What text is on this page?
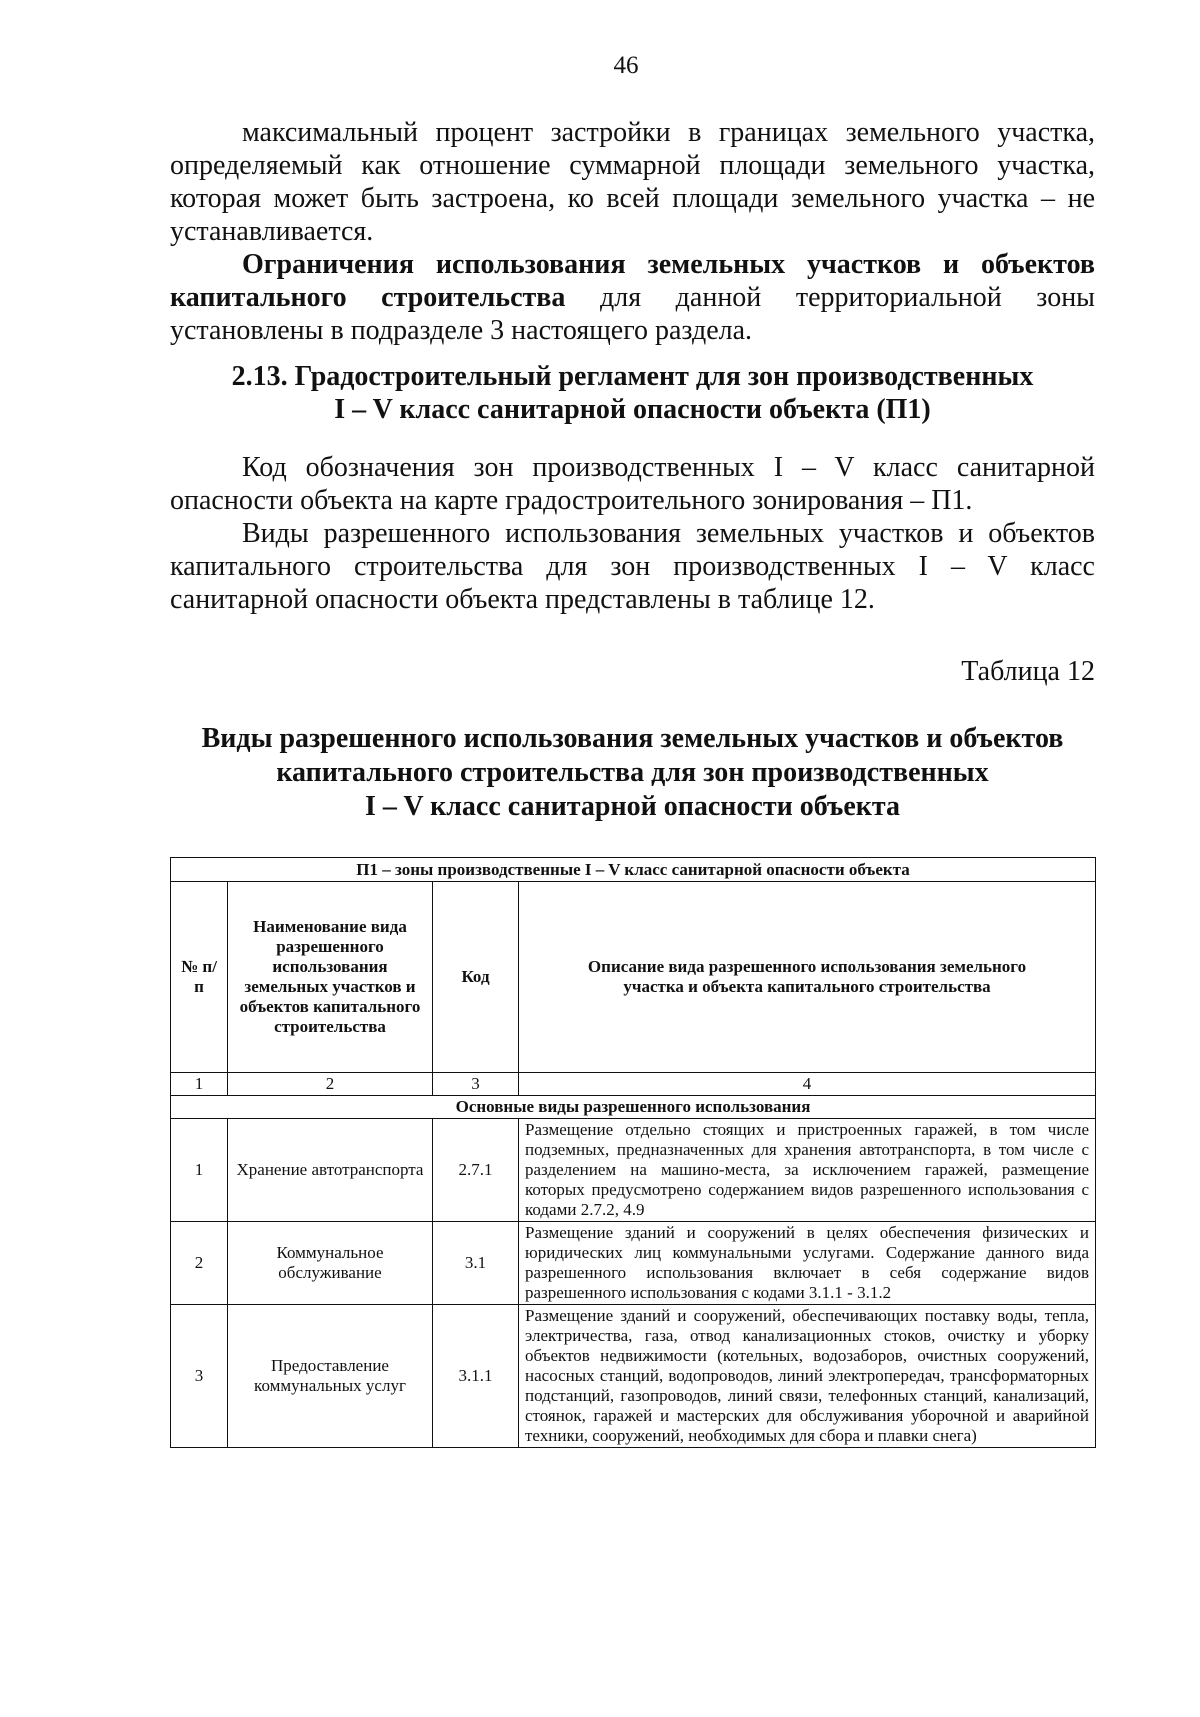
46

максимальный процент застройки в границах земельного участка, определяемый как отношение суммарной площади земельного участка, которая может быть застроена, ко всей площади земельного участка – не устанавливается.

Ограничения использования земельных участков и объектов капитального строительства для данной территориальной зоны установлены в подразделе 3 настоящего раздела.

2.13. Градостроительный регламент для зон производственных
I – V класс санитарной опасности объекта (П1)

Код обозначения зон производственных I – V класс санитарной опасности объекта на карте градостроительного зонирования – П1.

Виды разрешенного использования земельных участков и объектов капитального строительства для зон производственных I – V класс санитарной опасности объекта представлены в таблице 12.

Таблица 12
Виды разрешенного использования земельных участков и объектов
капитального строительства для зон производственных
I – V класс санитарной опасности объекта
П1 – зоны производственные I – V класс санитарной опасности объекта			
№ п/п	Наименование вида разрешенного использования земельных участков и объектов капитального строительства	Код	Описание вида разрешенного использования земельного участка и объекта капитального строительства
1	2	3	4
Основные виды разрешенного использования			
1	Хранение автотранспорта	2.7.1	Размещение отдельно стоящих и пристроенных гаражей, в том числе подземных, предназначенных для хранения автотранспорта, в том числе с разделением на машино-места, за исключением гаражей, размещение которых предусмотрено содержанием видов разрешенного использования с кодами 2.7.2, 4.9
2	Коммунальное обслуживание	3.1	Размещение зданий и сооружений в целях обеспечения физических и юридических лиц коммунальными услугами. Содержание данного вида разрешенного использования включает в себя содержание видов разрешенного использования с кодами 3.1.1 - 3.1.2
3	Предоставление коммунальных услуг	3.1.1	Размещение зданий и сооружений, обеспечивающих поставку воды, тепла, электричества, газа, отвод канализационных стоков, очистку и уборку объектов недвижимости (котельных, водозаборов, очистных сооружений, насосных станций, водопроводов, линий электропередач, трансформаторных подстанций, газопроводов, линий связи, телефонных станций, канализаций, стоянок, гаражей и мастерских для обслуживания уборочной и аварийной техники, сооружений, необходимых для сбора и плавки снега)
